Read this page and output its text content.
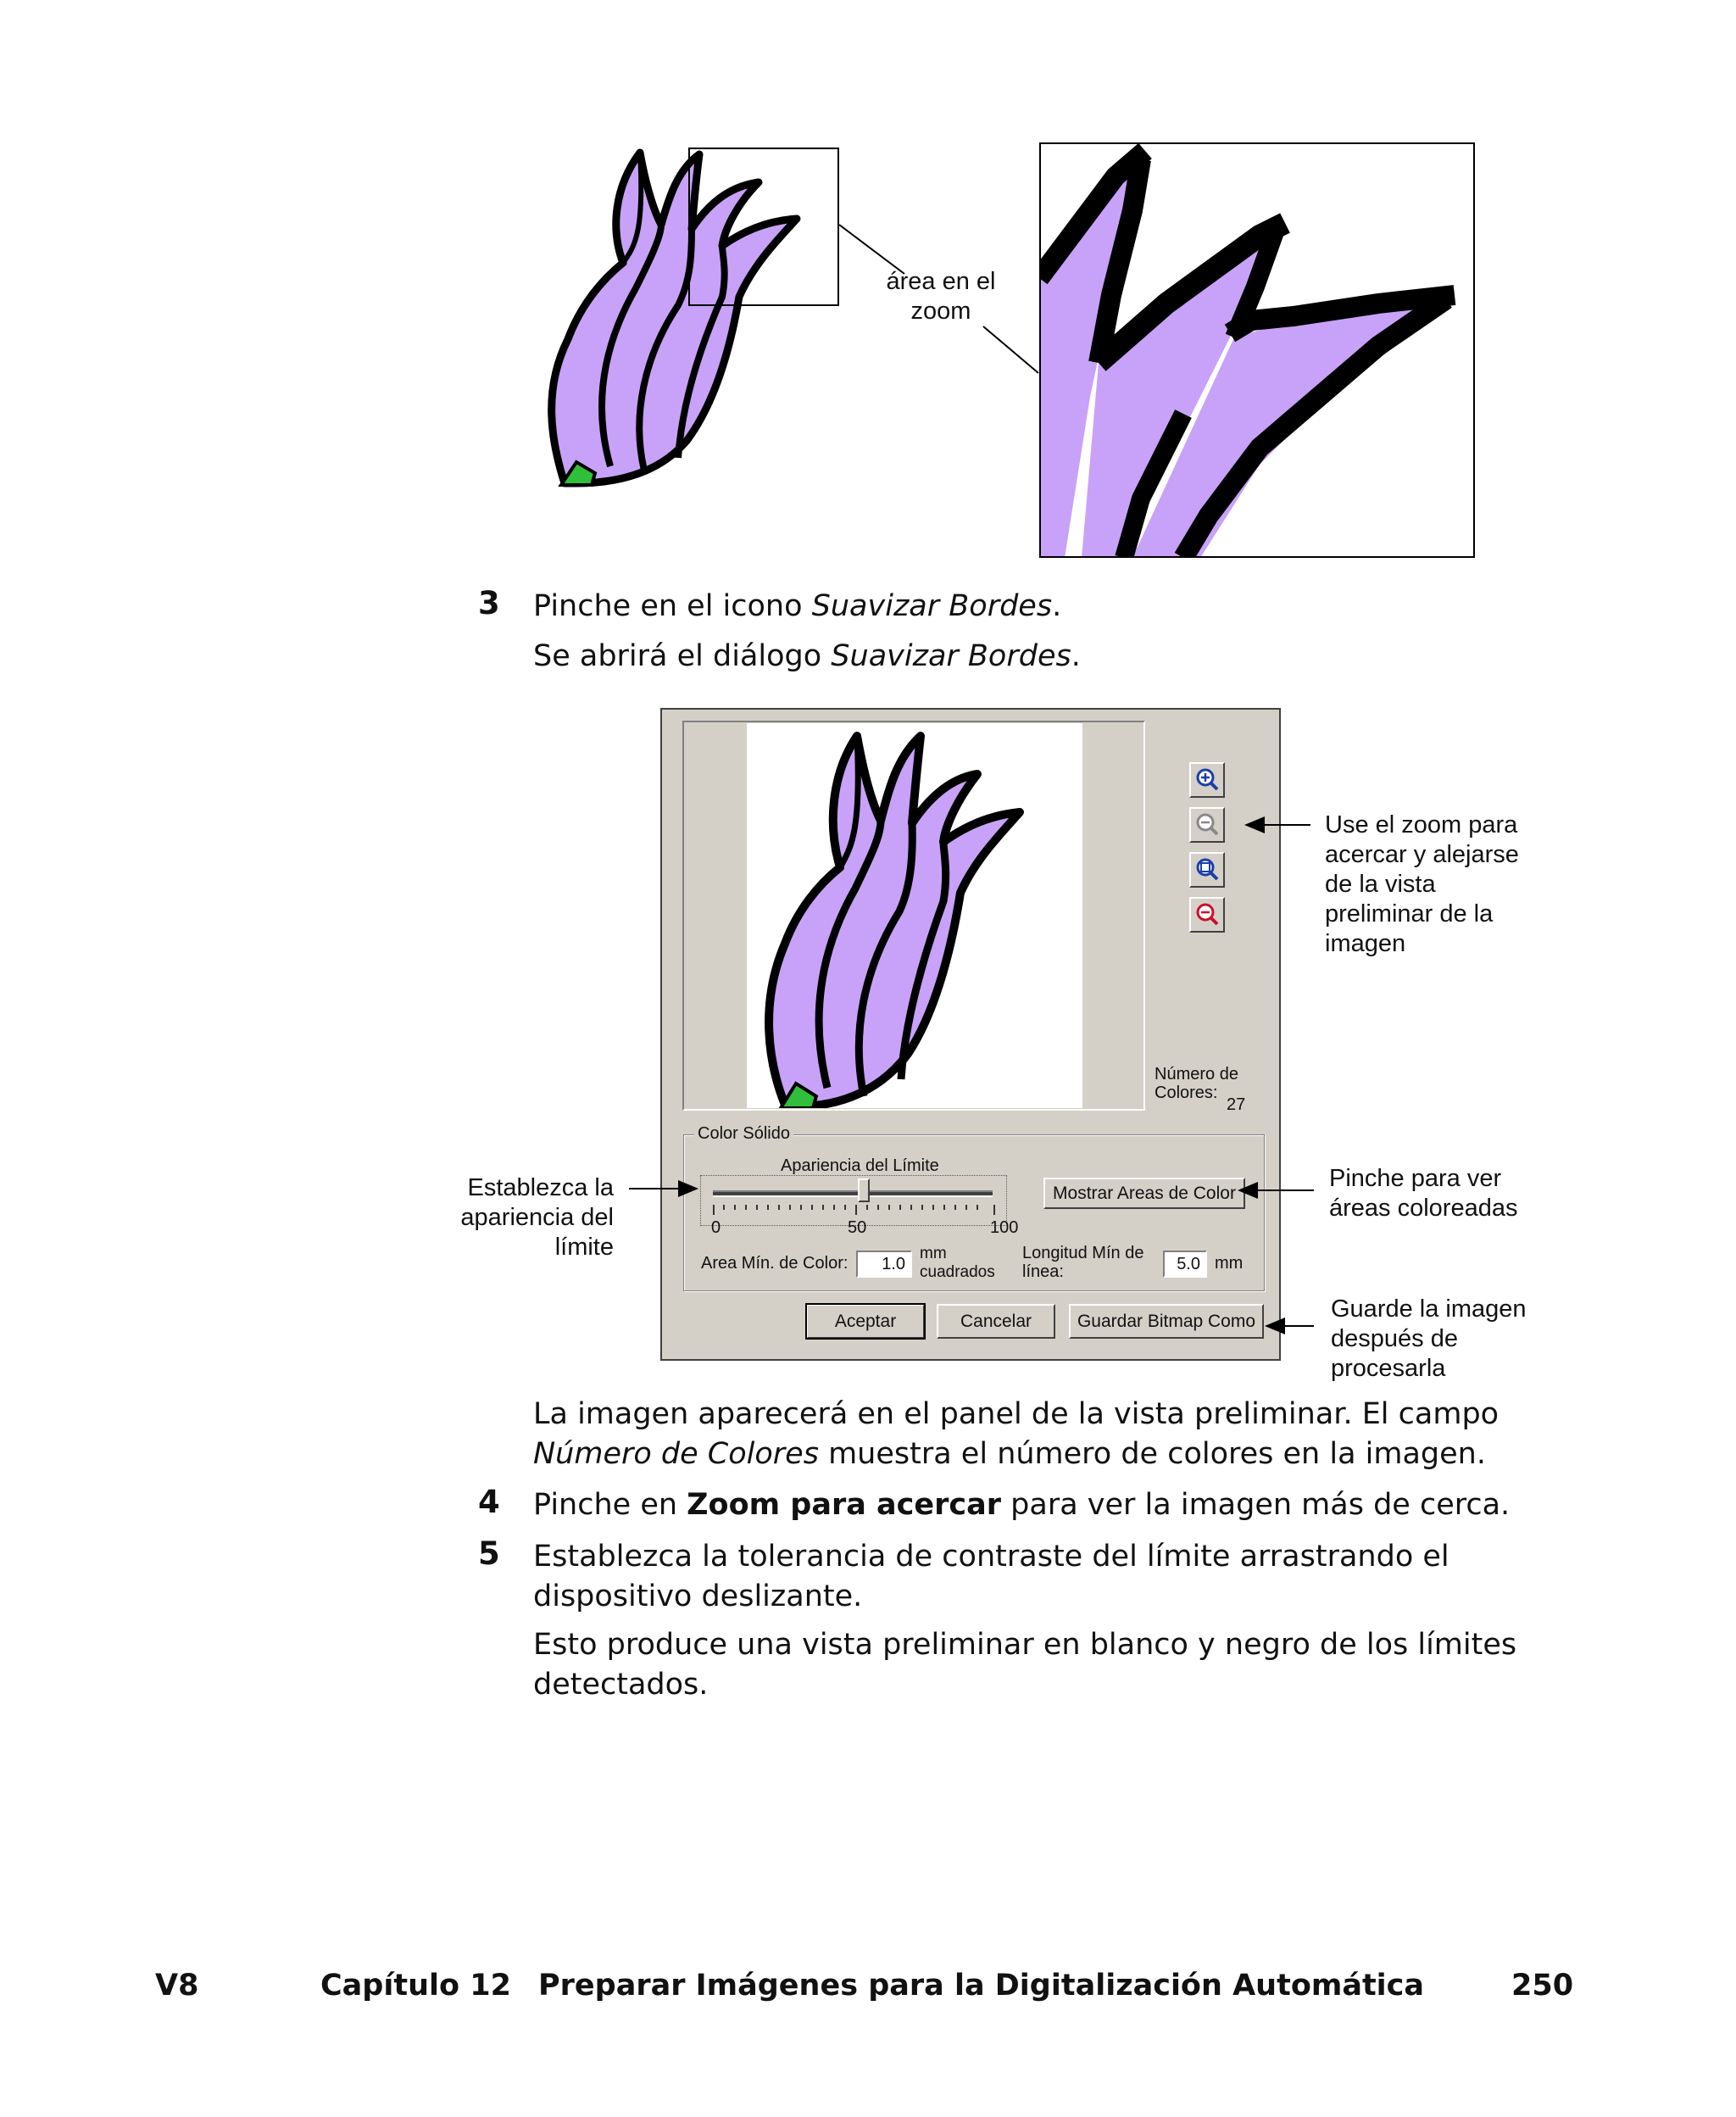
área en el
zoom
3 Pinche en el icono Suavizar Bordes.
Se abrirá el diálogo Suavizar Bordes.
Número de
Colores:
27
Color Sólido
Apariencia del Límite
0	50	100
Mostrar Areas de Color
Area Mín. de Color:	1.0
mm
cuadrados
Longitud Mín de
línea:	5.0 mm
Aceptar	Cancelar	Guardar Bitmap Como
Use el zoom para
acercar y alejarse
de la vista
preliminar de la
imagen
Establezca la
apariencia del
límite
Pinche para ver
áreas coloreadas
Guarde la imagen
después de
procesarla
La imagen aparecerá en el panel de la vista preliminar. El campo Número de Colores muestra el número de colores en la imagen.
4 Pinche en Zoom para acercar para ver la imagen más de cerca.
5 Establezca la tolerancia de contraste del límite arrastrando el dispositivo deslizante.
Esto produce una vista preliminar en blanco y negro de los límites detectados.
V8	Capítulo 12 Preparar Imágenes para la Digitalización Automática	250
